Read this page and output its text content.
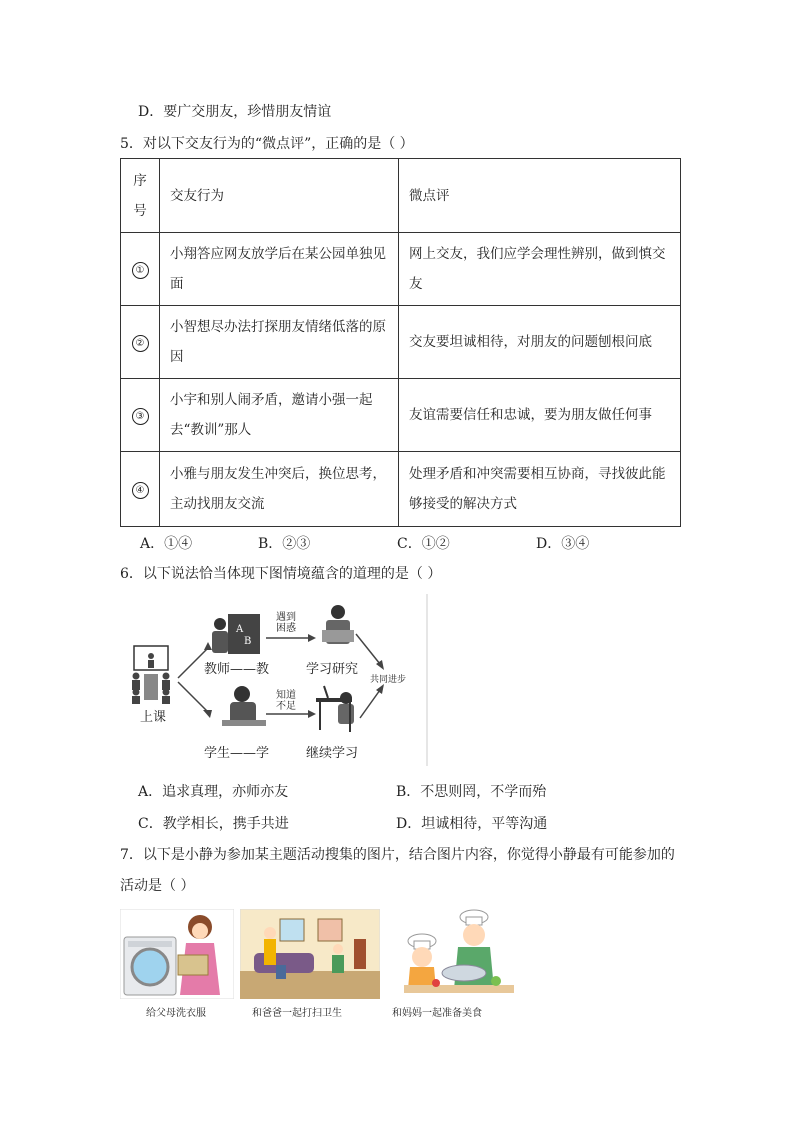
D．要广交朋友，珍惜朋友情谊
5．对以下交友行为的“微点评”，正确的是（ ）
序号	交友行为	微点评
①	小翔答应网友放学后在某公园单独见面	网上交友，我们应学会理性辨别，做到慎交友
②	小智想尽办法打探朋友情绪低落的原因	交友要坦诚相待，对朋友的问题刨根问底
③	小宇和别人闹矛盾，邀请小强一起去“教训”那人	友谊需要信任和忠诚，要为朋友做任何事
④	小雅与朋友发生冲突后，换位思考，主动找朋友交流	处理矛盾和冲突需要相互协商，寻找彼此能够接受的解决方式
A．①④	B．②③	C．①②	D．③④
6．以下说法恰当体现下图情境蕴含的道理的是（ ）
A
B
上课
教师——教
学生——学
遇到困惑
知道不足
学习研究
继续学习
共同进步
A．追求真理，亦师亦友	B．不思则罔，不学而殆
C．教学相长，携手共进	D．坦诚相待，平等沟通
7．以下是小静为参加某主题活动搜集的图片，结合图片内容，你觉得小静最有可能参加的
活动是（ ）
给父母洗衣服	和爸爸一起打扫卫生	和妈妈一起准备美食
